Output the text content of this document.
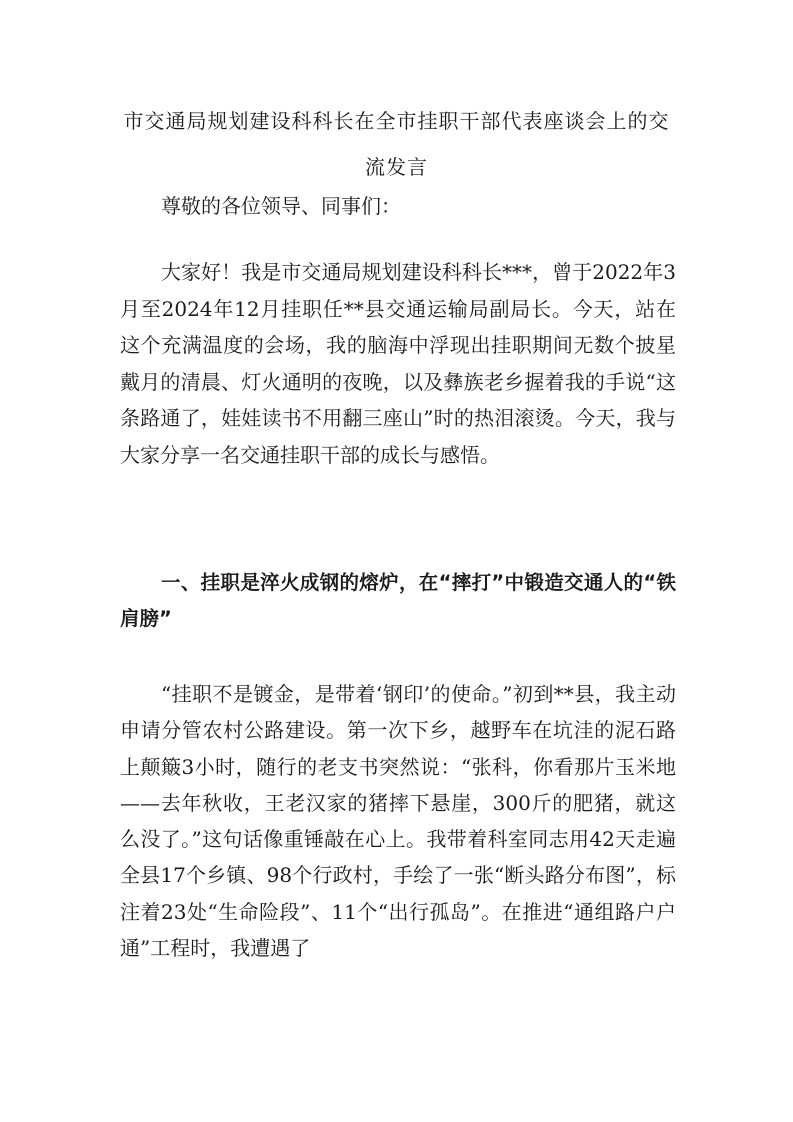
市交通局规划建设科科长在全市挂职干部代表座谈会上的交流发言

尊敬的各位领导、同事们：

大家好！我是市交通局规划建设科科长***，曾于2022年3月至2024年12月挂职任**县交通运输局副局长。今天，站在这个充满温度的会场，我的脑海中浮现出挂职期间无数个披星戴月的清晨、灯火通明的夜晚，以及彝族老乡握着我的手说“这条路通了，娃娃读书不用翻三座山”时的热泪滚烫。今天，我与大家分享一名交通挂职干部的成长与感悟。

一、挂职是淬火成钢的熔炉，在“摔打”中锻造交通人的“铁肩膀”

“挂职不是镀金，是带着‘钢印’的使命。”初到**县，我主动申请分管农村公路建设。第一次下乡，越野车在坑洼的泥石路上颠簸3小时，随行的老支书突然说：“张科，你看那片玉米地——去年秋收，王老汉家的猪摔下悬崖，300斤的肥猪，就这么没了。”这句话像重锤敲在心上。我带着科室同志用42天走遍全县17个乡镇、98个行政村，手绘了一张“断头路分布图”，标注着23处“生命险段”、11个“出行孤岛”。在推进“通组路户户通”工程时，我遭遇了
